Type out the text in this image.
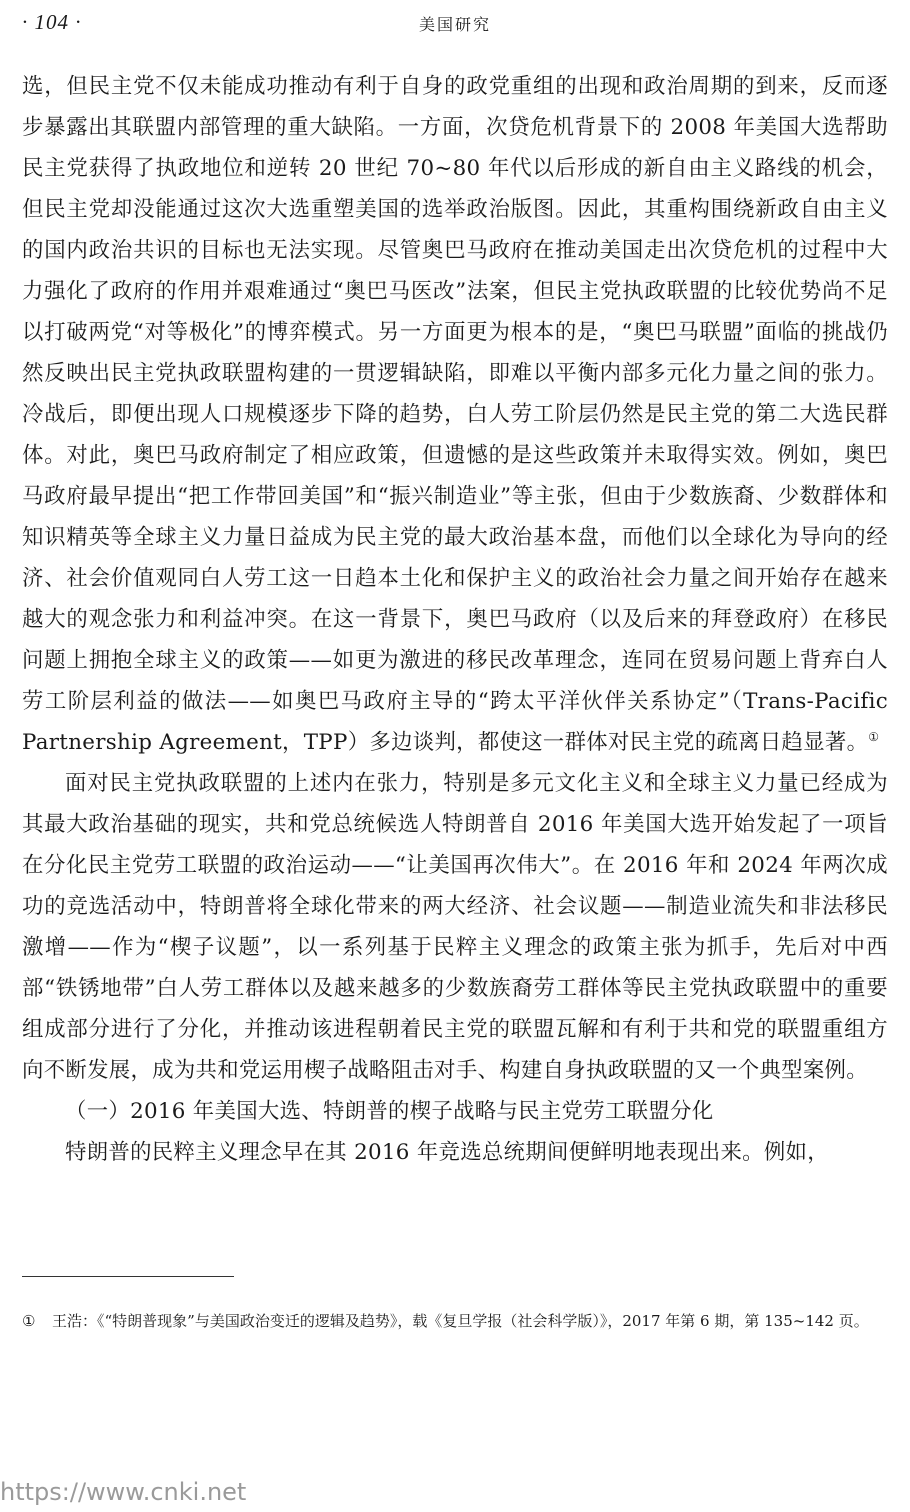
· 104 ·	美国研究

选，但民主党不仅未能成功推动有利于自身的政党重组的出现和政治周期的到来，反而逐步暴露出其联盟内部管理的重大缺陷。一方面，次贷危机背景下的 2008 年美国大选帮助民主党获得了执政地位和逆转 20 世纪 70~80 年代以后形成的新自由主义路线的机会，但民主党却没能通过这次大选重塑美国的选举政治版图。因此，其重构围绕新政自由主义的国内政治共识的目标也无法实现。尽管奥巴马政府在推动美国走出次贷危机的过程中大力强化了政府的作用并艰难通过“奥巴马医改”法案，但民主党执政联盟的比较优势尚不足以打破两党“对等极化”的博弈模式。另一方面更为根本的是，“奥巴马联盟”面临的挑战仍然反映出民主党执政联盟构建的一贯逻辑缺陷，即难以平衡内部多元化力量之间的张力。冷战后，即便出现人口规模逐步下降的趋势，白人劳工阶层仍然是民主党的第二大选民群体。对此，奥巴马政府制定了相应政策，但遗憾的是这些政策并未取得实效。例如，奥巴马政府最早提出“把工作带回美国”和“振兴制造业”等主张，但由于少数族裔、少数群体和知识精英等全球主义力量日益成为民主党的最大政治基本盘，而他们以全球化为导向的经济、社会价值观同白人劳工这一日趋本土化和保护主义的政治社会力量之间开始存在越来越大的观念张力和利益冲突。在这一背景下，奥巴马政府（以及后来的拜登政府）在移民问题上拥抱全球主义的政策——如更为激进的移民改革理念，连同在贸易问题上背弃白人劳工阶层利益的做法——如奥巴马政府主导的“跨太平洋伙伴关系协定”（Trans-Pacific Partnership Agreement，TPP）多边谈判，都使这一群体对民主党的疏离日趋显著。①

面对民主党执政联盟的上述内在张力，特别是多元文化主义和全球主义力量已经成为其最大政治基础的现实，共和党总统候选人特朗普自 2016 年美国大选开始发起了一项旨在分化民主党劳工联盟的政治运动——“让美国再次伟大”。在 2016 年和 2024 年两次成功的竞选活动中，特朗普将全球化带来的两大经济、社会议题——制造业流失和非法移民激增——作为“楔子议题”，以一系列基于民粹主义理念的政策主张为抓手，先后对中西部“铁锈地带”白人劳工群体以及越来越多的少数族裔劳工群体等民主党执政联盟中的重要组成部分进行了分化，并推动该进程朝着民主党的联盟瓦解和有利于共和党的联盟重组方向不断发展，成为共和党运用楔子战略阻击对手、构建自身执政联盟的又一个典型案例。

（一）2016 年美国大选、特朗普的楔子战略与民主党劳工联盟分化

特朗普的民粹主义理念早在其 2016 年竞选总统期间便鲜明地表现出来。例如，

① 王浩：《“特朗普现象”与美国政治变迁的逻辑及趋势》，载《复旦学报（社会科学版）》，2017 年第 6 期，第 135~142 页。
https://www.cnki.net
